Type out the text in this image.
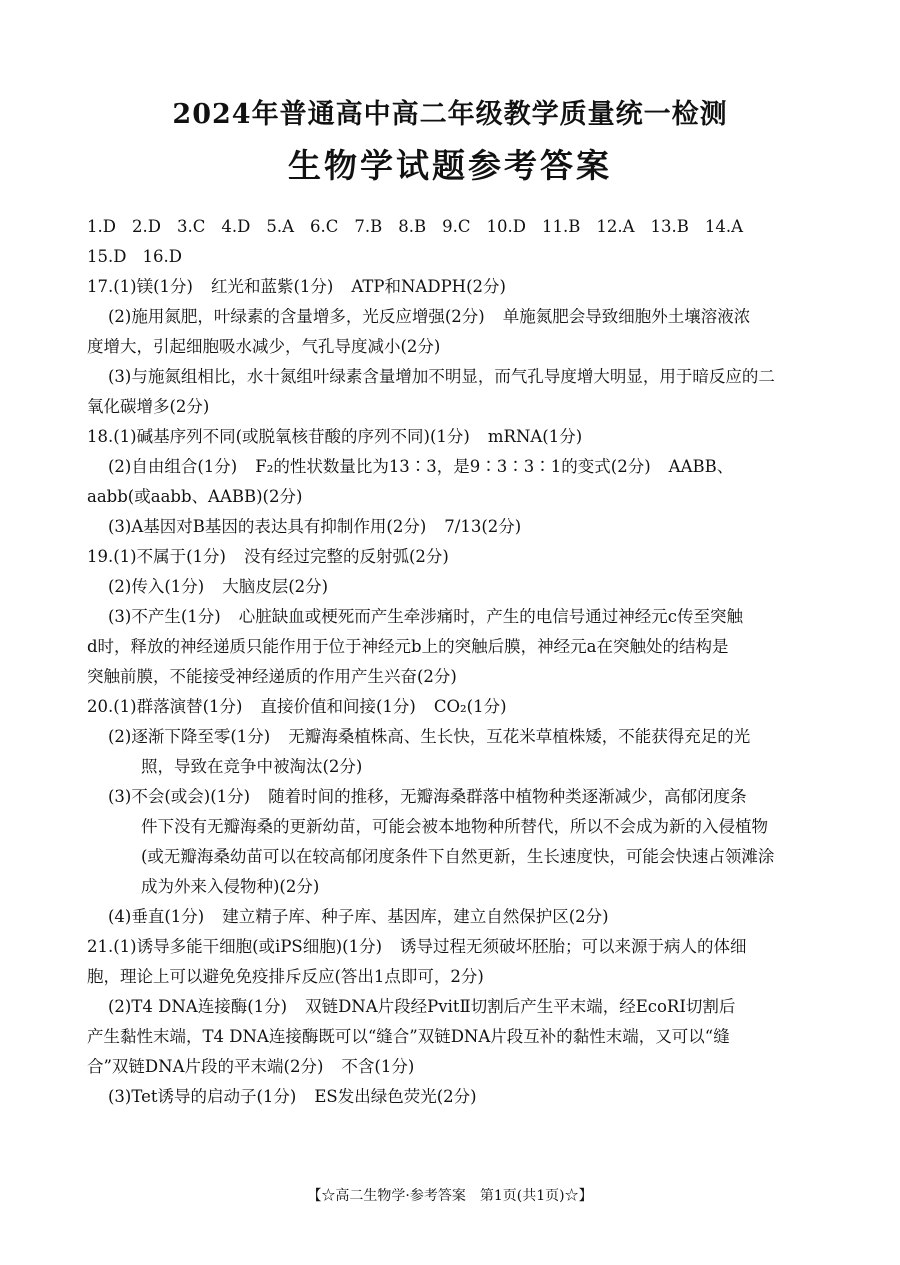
2024年普通高中高二年级教学质量统一检测
生物学试题参考答案
1.D 2.D 3.C 4.D 5.A 6.C 7.B 8.B 9.C 10.D 11.B 12.A 13.B 14.A
15.D 16.D
17.(1)镁(1分) 红光和蓝紫(1分) ATP和NADPH(2分)
(2)施用氮肥，叶绿素的含量增多，光反应增强(2分) 单施氮肥会导致细胞外土壤溶液浓
度增大，引起细胞吸水减少，气孔导度减小(2分)
(3)与施氮组相比，水十氮组叶绿素含量增加不明显，而气孔导度增大明显，用于暗反应的二
氧化碳增多(2分)
18.(1)碱基序列不同(或脱氧核苷酸的序列不同)(1分) mRNA(1分)
(2)自由组合(1分) F₂的性状数量比为13∶3，是9∶3∶3∶1的变式(2分) AABB、
aabb(或aabb、AABB)(2分)
(3)A基因对B基因的表达具有抑制作用(2分) 7/13(2分)
19.(1)不属于(1分) 没有经过完整的反射弧(2分)
(2)传入(1分) 大脑皮层(2分)
(3)不产生(1分) 心脏缺血或梗死而产生牵涉痛时，产生的电信号通过神经元c传至突触
d时，释放的神经递质只能作用于位于神经元b上的突触后膜，神经元a在突触处的结构是
突触前膜，不能接受神经递质的作用产生兴奋(2分)
20.(1)群落演替(1分) 直接价值和间接(1分) CO₂(1分)
(2)逐渐下降至零(1分) 无瓣海桑植株高、生长快，互花米草植株矮，不能获得充足的光
照，导致在竞争中被淘汰(2分)
(3)不会(或会)(1分) 随着时间的推移，无瓣海桑群落中植物种类逐渐减少，高郁闭度条
件下没有无瓣海桑的更新幼苗，可能会被本地物种所替代，所以不会成为新的入侵植物
(或无瓣海桑幼苗可以在较高郁闭度条件下自然更新，生长速度快，可能会快速占领滩涂
成为外来入侵物种)(2分)
(4)垂直(1分) 建立精子库、种子库、基因库，建立自然保护区(2分)
21.(1)诱导多能干细胞(或iPS细胞)(1分) 诱导过程无须破坏胚胎；可以来源于病人的体细
胞，理论上可以避免免疫排斥反应(答出1点即可，2分)
(2)T4 DNA连接酶(1分) 双链DNA片段经PvitⅡ切割后产生平末端，经EcoRⅠ切割后
产生黏性末端，T4 DNA连接酶既可以“缝合”双链DNA片段互补的黏性末端，又可以“缝
合”双链DNA片段的平末端(2分) 不含(1分)
(3)Tet诱导的启动子(1分) ES发出绿色荧光(2分)
【☆高二生物学·参考答案　第1页(共1页)☆】
